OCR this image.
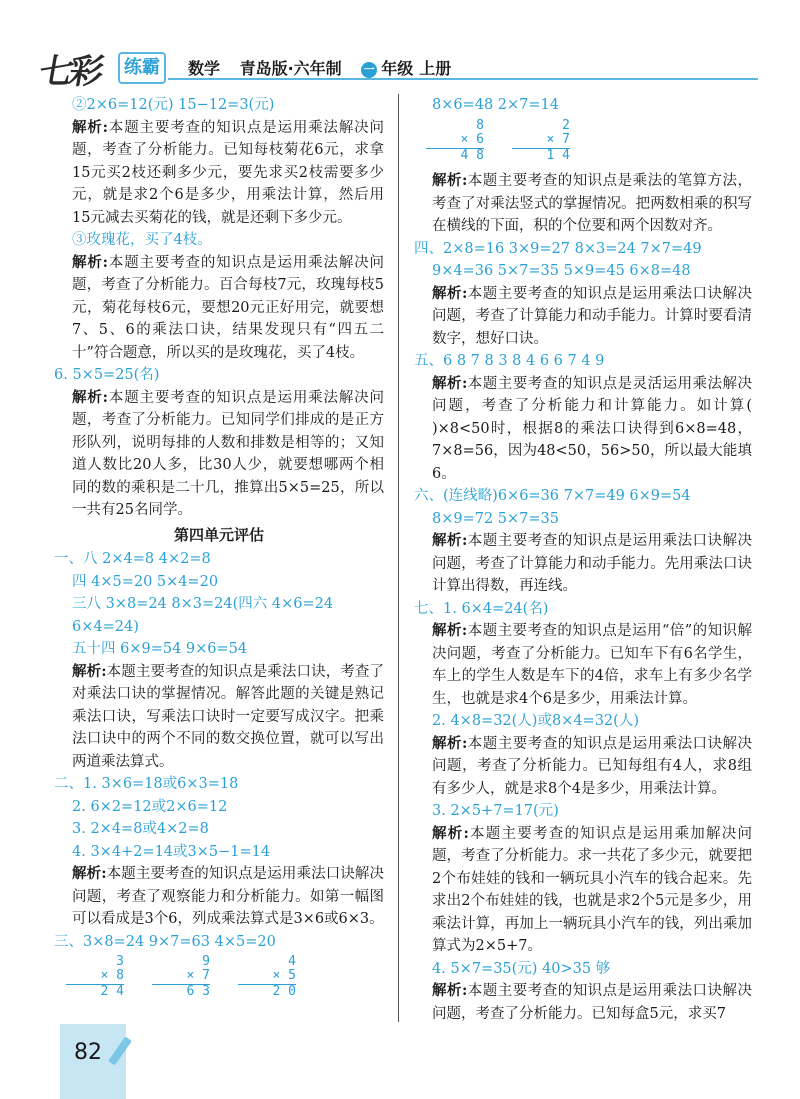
七彩	练霸	数学 青岛版·六年制 一 年级 上册

②2×6=12(元) 15−12=3(元)

解析:本题主要考查的知识点是运用乘法解决问题，考查了分析能力。已知每枝菊花6元，求拿15元买2枝还剩多少元，要先求买2枝需要多少元，就是求2个6是多少，用乘法计算，然后用15元减去买菊花的钱，就是还剩下多少元。

③玫瑰花，买了4枝。

解析:本题主要考查的知识点是运用乘法解决问题，考查了分析能力。百合每枝7元，玫瑰每枝5元，菊花每枝6元，要想20元正好用完，就要想7、5、6的乘法口诀，结果发现只有“四五二十”符合题意，所以买的是玫瑰花，买了4枝。

6. 5×5=25(名)

解析:本题主要考查的知识点是运用乘法解决问题，考查了分析能力。已知同学们排成的是正方形队列，说明每排的人数和排数是相等的；又知道人数比20人多，比30人少，就要想哪两个相同的数的乘积是二十几，推算出5×5=25，所以一共有25名同学。

第四单元评估

一、八 2×4=8 4×2=8

四 4×5=20 5×4=20

三八 3×8=24 8×3=24(四六 4×6=24

6×4=24)

五十四 6×9=54 9×6=54

解析:本题主要考查的知识点是乘法口诀，考查了对乘法口诀的掌握情况。解答此题的关键是熟记乘法口诀，写乘法口诀时一定要写成汉字。把乘法口诀中的两个不同的数交换位置，就可以写出两道乘法算式。

二、1. 3×6=18或6×3=18

2. 6×2=12或2×6=12

3. 2×4=8或4×2=8

4. 3×4+2=14或3×5−1=14

解析:本题主要考查的知识点是运用乘法口诀解决问题，考查了观察能力和分析能力。如第一幅图可以看成是3个6，列成乘法算式是3×6或6×3。

三、3×8=24 9×7=63 4×5=20

3
× 8
2 4
9
× 7
6 3
4
× 5
2 0

8×6=48 2×7=14

8
× 6
4 8
2
× 7
1 4

解析:本题主要考查的知识点是乘法的笔算方法，考查了对乘法竖式的掌握情况。把两数相乘的积写在横线的下面，积的个位要和两个因数对齐。

四、2×8=16 3×9=27 8×3=24 7×7=49

9×4=36 5×7=35 5×9=45 6×8=48

解析:本题主要考查的知识点是运用乘法口诀解决问题，考查了计算能力和动手能力。计算时要看清数字，想好口诀。

五、6 8 7 8 3 8 4 6 6 7 4 9

解析:本题主要考查的知识点是灵活运用乘法解决问题，考查了分析能力和计算能力。如计算( )×8<50时，根据8的乘法口诀得到6×8=48，7×8=56，因为48<50，56>50，所以最大能填6。

六、(连线略)6×6=36 7×7=49 6×9=54

8×9=72 5×7=35

解析:本题主要考查的知识点是运用乘法口诀解决问题，考查了计算能力和动手能力。先用乘法口诀计算出得数，再连线。

七、1. 6×4=24(名)

解析:本题主要考查的知识点是运用“倍”的知识解决问题，考查了分析能力。已知车下有6名学生，车上的学生人数是车下的4倍，求车上有多少名学生，也就是求4个6是多少，用乘法计算。

2. 4×8=32(人)或8×4=32(人)

解析:本题主要考查的知识点是运用乘法口诀解决问题，考查了分析能力。已知每组有4人，求8组有多少人，就是求8个4是多少，用乘法计算。

3. 2×5+7=17(元)

解析:本题主要考查的知识点是运用乘加解决问题，考查了分析能力。求一共花了多少元，就要把2个布娃娃的钱和一辆玩具小汽车的钱合起来。先求出2个布娃娃的钱，也就是求2个5元是多少，用乘法计算，再加上一辆玩具小汽车的钱，列出乘加算式为2×5+7。

4. 5×7=35(元) 40>35 够

解析:本题主要考查的知识点是运用乘法口诀解决问题，考查了分析能力。已知每盒5元，求买7

82
